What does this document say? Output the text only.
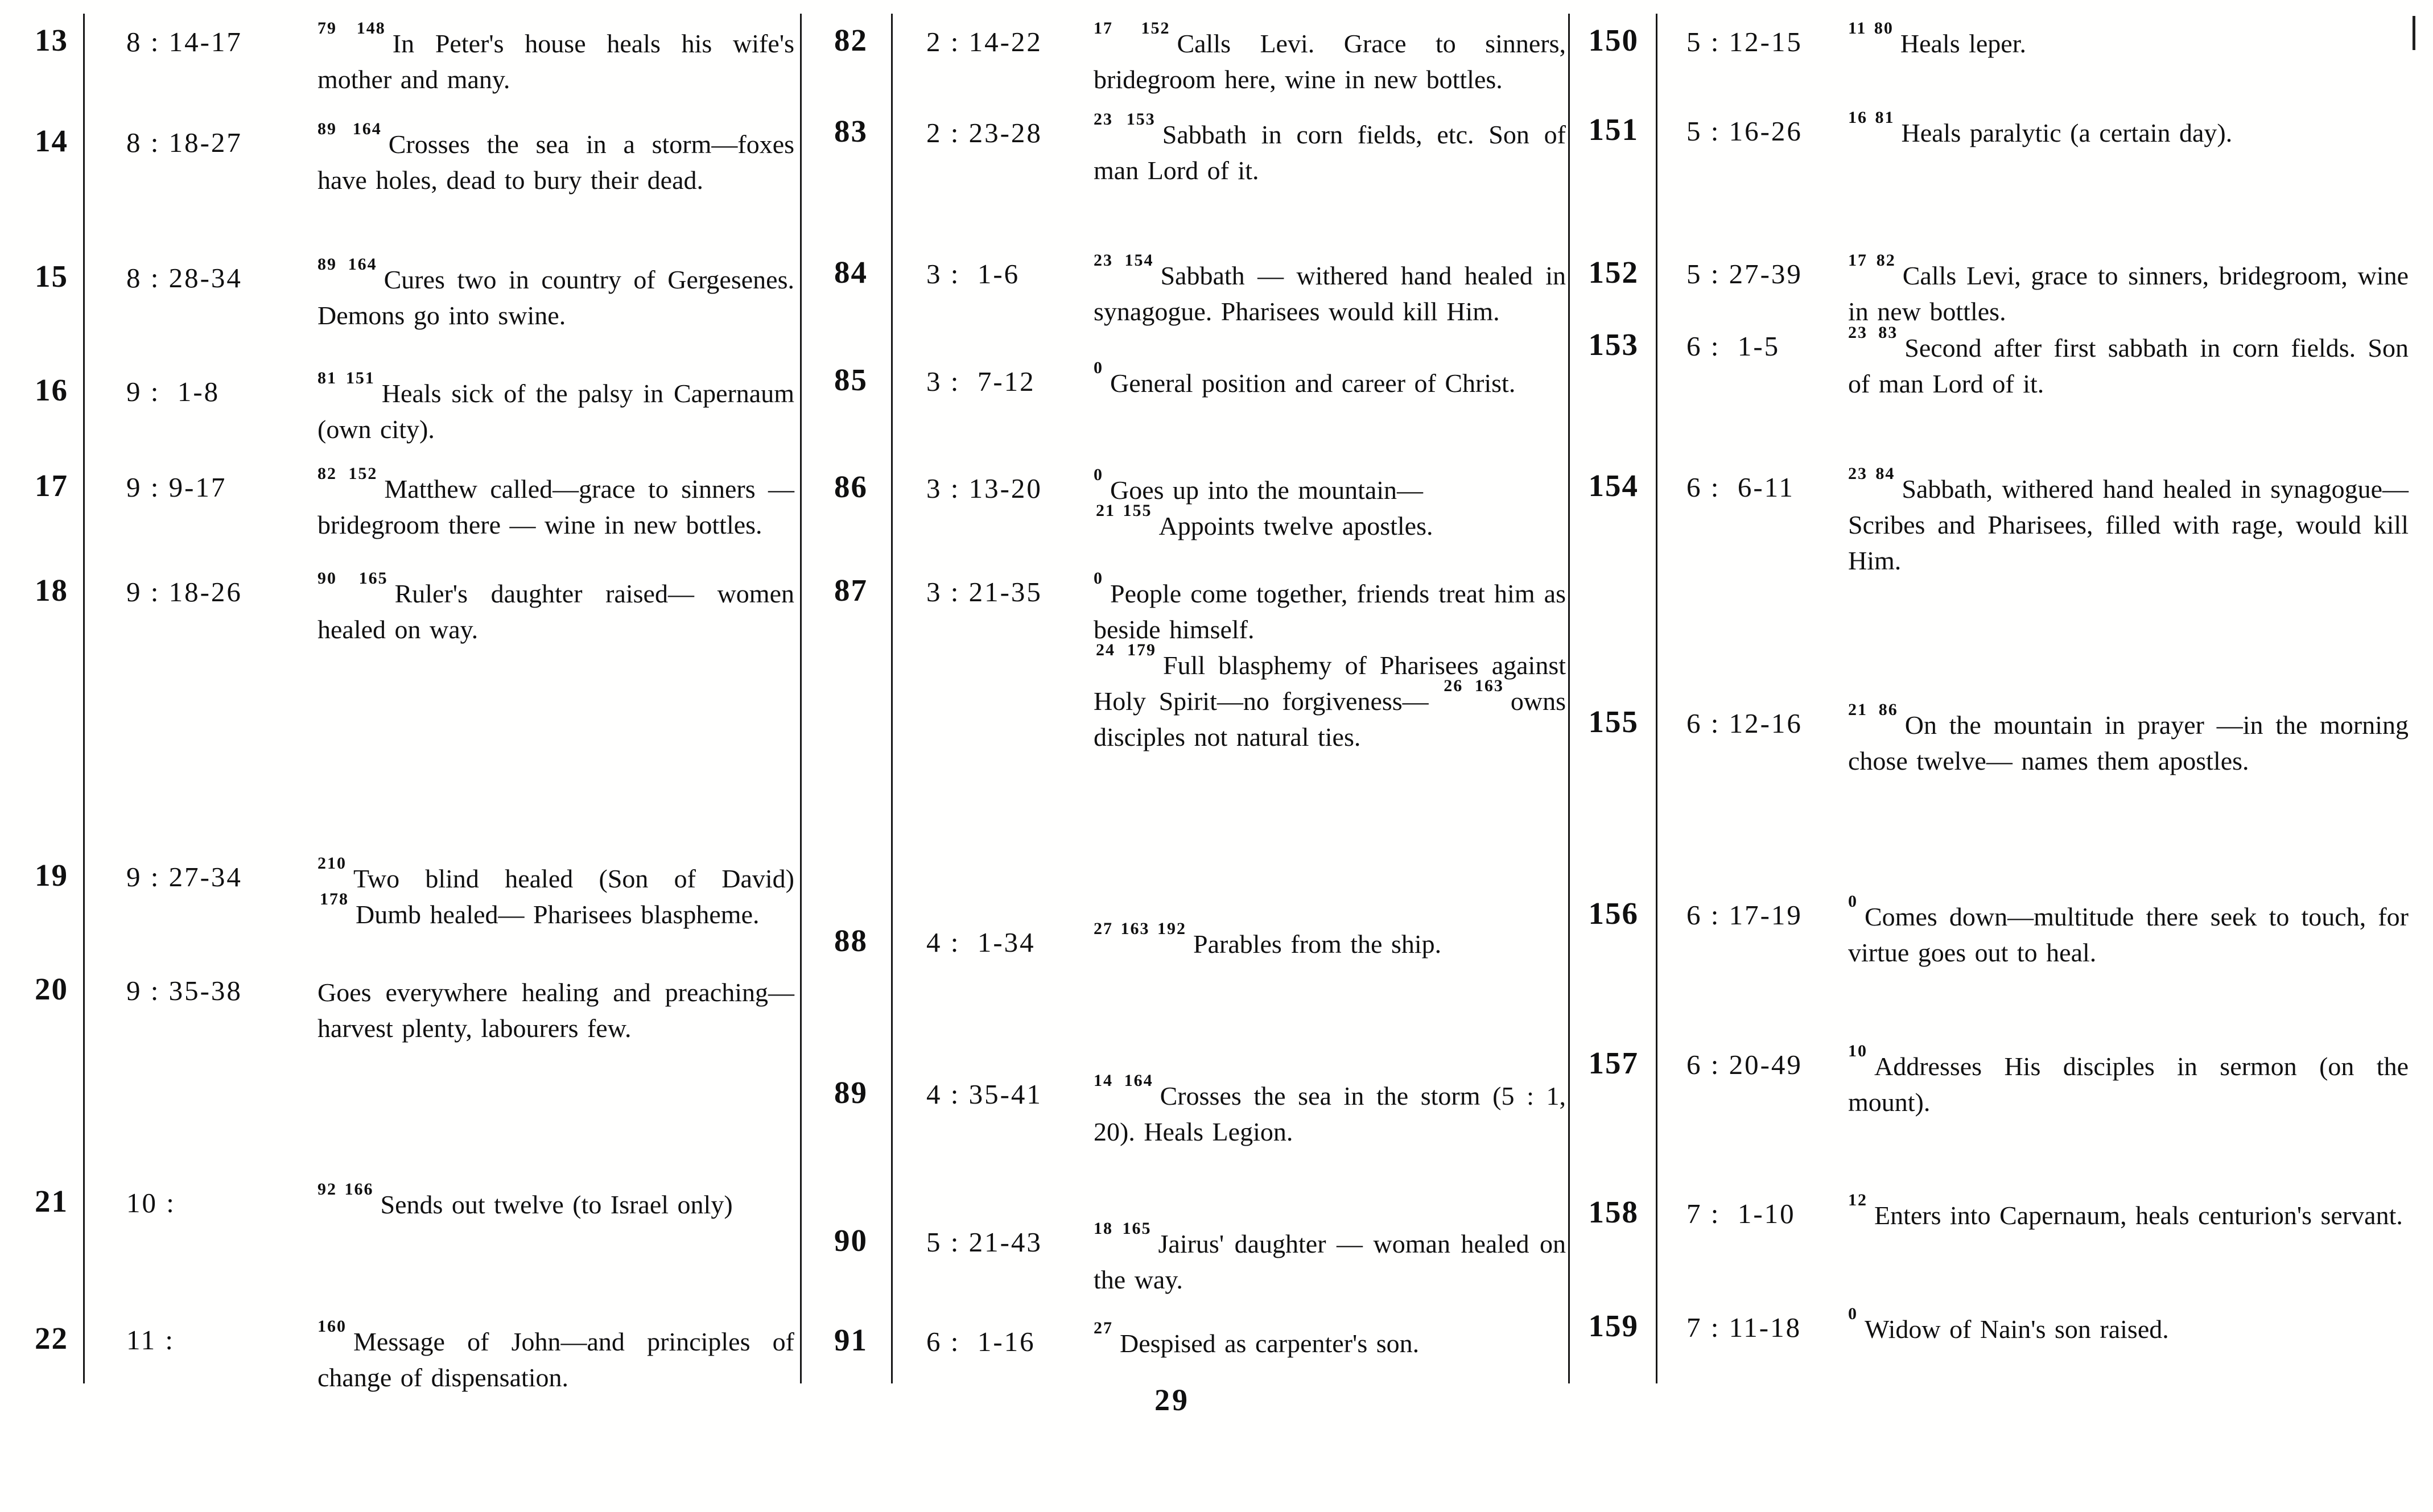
13 8 : 14-17	$^{79 148}$In Peter's house heals his wife's mother and many.
14 8 : 18-27	$^{89 164}$Crosses the sea in a storm—foxes have holes, dead to bury their dead.
15 8 : 28-34	$^{89 164}$Cures two in country of Gergesenes. Demons go into swine.
16 9 :  1-8	$^{81 151}$Heals sick of the palsy in Capernaum (own city).
17 9 : 9-17	$^{82 152}$Matthew called—grace to sinners — bridegroom there — wine in new bottles.
18 9 : 18-26	$^{90 165}$Ruler's daughter raised— women healed on way.
19 9 : 27-34	$^{210}$Two blind healed (Son of David) $^{178}$Dumb healed— Pharisees blaspheme.
20 9 : 35-38	Goes everywhere healing and preaching—harvest plenty, labourers few.
21 10 :	$^{92 166}$Sends out twelve (to Israel only)
22 11 :	$^{160}$Message of John—and principles of change of dispensation.
82 2 : 14-22	$^{17 152}$Calls Levi. Grace to sinners, bridegroom here, wine in new bottles.
83 2 : 23-28	$^{23 153}$Sabbath in corn fields, etc. Son of man Lord of it.
84 3 :  1-6	$^{23 154}$Sabbath — withered hand healed in synagogue. Pharisees would kill Him.
85 3 :  7-12	$^0$General position and career of Christ.
86 3 : 13-20	$^0$Goes up into the mountain—
$^{21 155}$Appoints twelve apostles.
87 3 : 21-35	$^0$People come together, friends treat him as beside himself.
$^{24 179}$Full blasphemy of Pharisees against Holy Spirit—no forgiveness— $^{26 163}$owns disciples not natural ties.
88 4 :  1-34	$^{27 163 192}$Parables from the ship.
89 4 : 35-41	$^{14 164}$Crosses the sea in the storm (5 : 1, 20). Heals Legion.
90 5 : 21-43	$^{18 165}$Jairus' daughter — woman healed on the way.
91 6 :  1-16	$^{27}$Despised as carpenter's son.
150 5 : 12-15	$^{11 80}$Heals leper.
151 5 : 16-26	$^{16 81}$Heals paralytic (a certain day).
152 5 : 27-39	$^{17 82}$Calls Levi, grace to sinners, bridegroom, wine in new bottles.
153 6 :  1-5	$^{23 83}$Second after first sabbath in corn fields. Son of man Lord of it.
154 6 :  6-11	$^{23 84}$Sabbath, withered hand healed in synagogue—Scribes and Pharisees, filled with rage, would kill Him.
155 6 : 12-16	$^{21 86}$On the mountain in prayer —in the morning chose twelve— names them apostles.
156 6 : 17-19	$^0$Comes down—multitude there seek to touch, for virtue goes out to heal.
157 6 : 20-49	$^{10}$Addresses His disciples in sermon (on the mount).
158 7 :  1-10	$^{12}$Enters into Capernaum, heals centurion's servant.
159 7 : 11-18	$^0$Widow of Nain's son raised.
29
